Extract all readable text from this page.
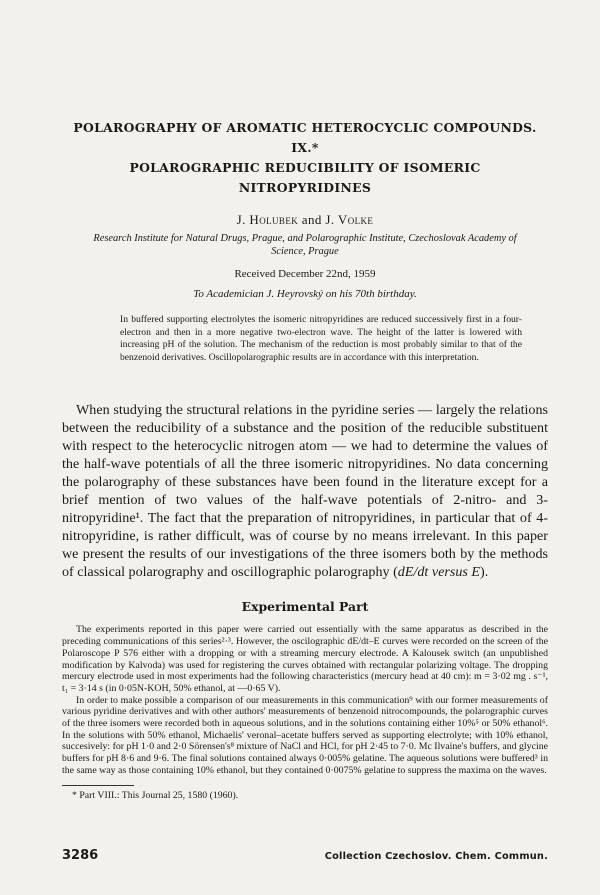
POLAROGRAPHY OF AROMATIC HETEROCYCLIC COMPOUNDS. IX.*
POLAROGRAPHIC REDUCIBILITY OF ISOMERIC NITROPYRIDINES
J. Holubek and J. Volke
Research Institute for Natural Drugs, Prague, and Polarographic Institute, Czechoslovak Academy of Science, Prague
Received December 22nd, 1959
To Academician J. Heyrovský on his 70th birthday.
In buffered supporting electrolytes the isomeric nitropyridines are reduced successively first in a four-electron and then in a more negative two-electron wave. The height of the latter is lowered with increasing pH of the solution. The mechanism of the reduction is most probably similar to that of the benzenoid derivatives. Oscillopolarographic results are in accordance with this interpretation.
When studying the structural relations in the pyridine series — largely the relations between the reducibility of a substance and the position of the reducible substituent with respect to the heterocyclic nitrogen atom — we had to determine the values of the half-wave potentials of all the three isomeric nitropyridines. No data concerning the polarography of these substances have been found in the literature except for a brief mention of two values of the half-wave potentials of 2-nitro- and 3-nitropyridine¹. The fact that the preparation of nitropyridines, in particular that of 4-nitropyridine, is rather difficult, was of course by no means irrelevant. In this paper we present the results of our investigations of the three isomers both by the methods of classical polarography and oscillographic polarography (dE/dt versus E).
Experimental Part

The experiments reported in this paper were carried out essentially with the same apparatus as described in the preceding communications of this series²·³. However, the oscilographic dE/dt–E curves were recorded on the screen of the Polaroscope P 576 either with a dropping or with a streaming mercury electrode. A Kalousek switch (an unpublished modification by Kalvoda) was used for registering the curves obtained with rectangular polarizing voltage. The dropping mercury electrode used in most experiments had the following characteristics (mercury head at 40 cm): m = 3·02 mg . s⁻¹, t₁ = 3·14 s (in 0·05N-KOH, 50% ethanol, at —0·65 V).

In order to make possible a comparison of our measurements in this communication⁹ with our former measurements of various pyridine derivatives and with other authors' measurements of benzenoid nitrocompounds, the polarographic curves of the three isomers were recorded both in aqueous solutions, and in the solutions containing either 10%⁵ or 50% ethanol⁶. In the solutions with 50% ethanol, Michaelis' veronal–acetate buffers served as supporting electrolyte; with 10% ethanol, succesively: for pH 1·0 and 2·0 Sörensen's⁸ mixture of NaCl and HCl, for pH 2·45 to 7·0. Mc Ilvaine's buffers, and glycine buffers for pH 8·6 and 9·6. The final solutions contained always 0·005% gelatine. The aqueous solutions were buffered³ in the same way as those containing 10% ethanol, but they contained 0·0075% gelatine to suppress the maxima on the waves.

* Part VIII.: This Journal 25, 1580 (1960).
3286	Collection Czechoslov. Chem. Commun.
